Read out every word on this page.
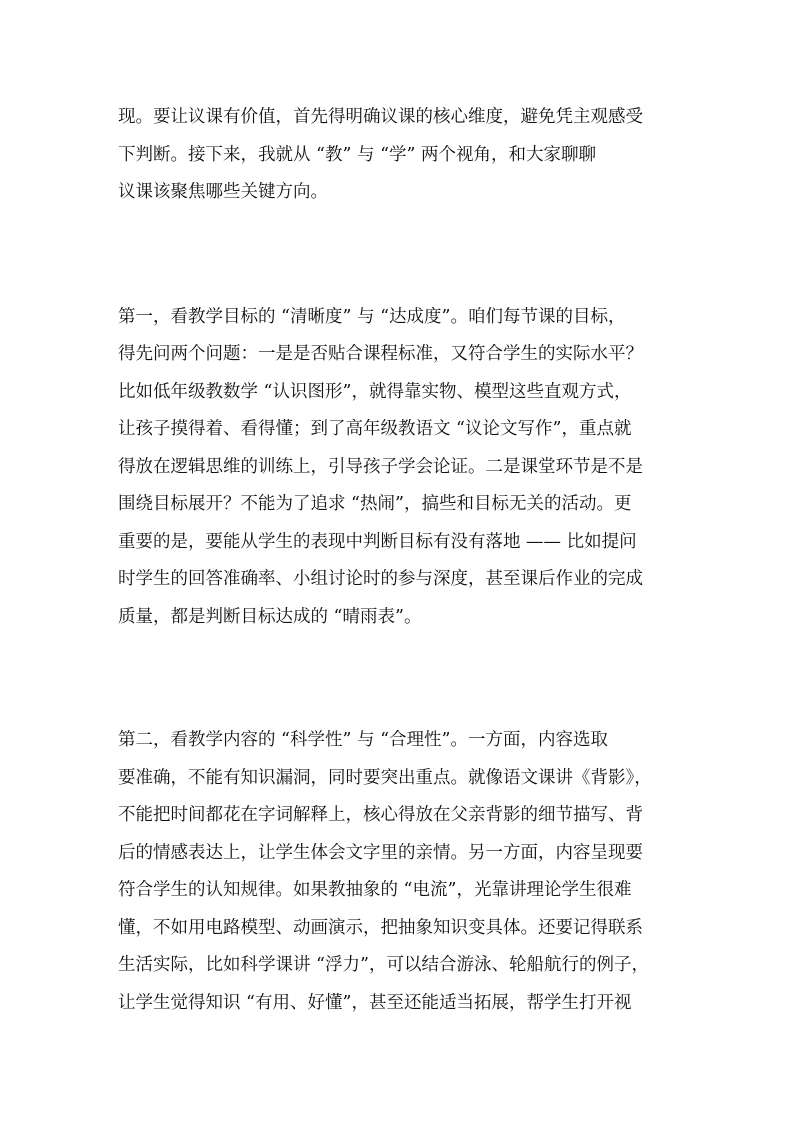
现。要让议课有价值，首先得明确议课的核心维度，避免凭主观感受
下判断。接下来，我就从 “教” 与 “学” 两个视角，和大家聊聊
议课该聚焦哪些关键方向。
第一，看教学目标的 “清晰度” 与 “达成度”。咱们每节课的目标，
得先问两个问题：一是是否贴合课程标准，又符合学生的实际水平？
比如低年级教数学 “认识图形”，就得靠实物、模型这些直观方式，
让孩子摸得着、看得懂；到了高年级教语文 “议论文写作”，重点就
得放在逻辑思维的训练上，引导孩子学会论证。二是课堂环节是不是
围绕目标展开？不能为了追求 “热闹”，搞些和目标无关的活动。更
重要的是，要能从学生的表现中判断目标有没有落地 —— 比如提问
时学生的回答准确率、小组讨论时的参与深度，甚至课后作业的完成
质量，都是判断目标达成的 “晴雨表”。
第二，看教学内容的 “科学性” 与 “合理性”。一方面，内容选取
要准确，不能有知识漏洞，同时要突出重点。就像语文课讲《背影》，
不能把时间都花在字词解释上，核心得放在父亲背影的细节描写、背
后的情感表达上，让学生体会文字里的亲情。另一方面，内容呈现要
符合学生的认知规律。如果教抽象的 “电流”，光靠讲理论学生很难
懂，不如用电路模型、动画演示，把抽象知识变具体。还要记得联系
生活实际，比如科学课讲 “浮力”，可以结合游泳、轮船航行的例子，
让学生觉得知识 “有用、好懂”，甚至还能适当拓展，帮学生打开视
